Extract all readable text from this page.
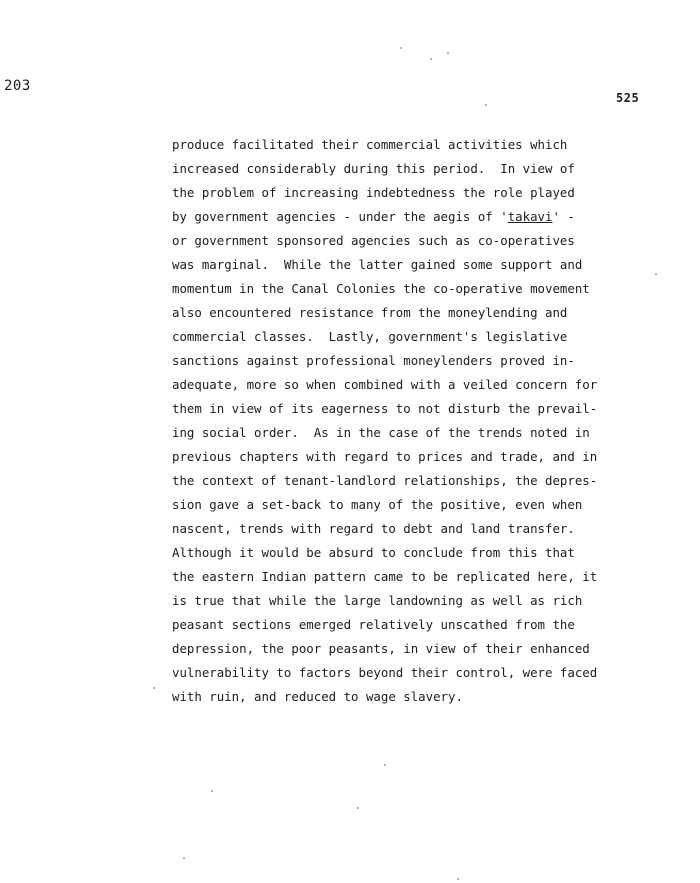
203
525
produce facilitated their commercial activities which
increased considerably during this period.  In view of
the problem of increasing indebtedness the role played
by government agencies - under the aegis of 'takavi' -
or government sponsored agencies such as co-operatives
was marginal.  While the latter gained some support and
momentum in the Canal Colonies the co-operative movement
also encountered resistance from the moneylending and
commercial classes.  Lastly, government's legislative
sanctions against professional moneylenders proved in-
adequate, more so when combined with a veiled concern for
them in view of its eagerness to not disturb the prevail-
ing social order.  As in the case of the trends noted in
previous chapters with regard to prices and trade, and in
the context of tenant-landlord relationships, the depres-
sion gave a set-back to many of the positive, even when
nascent, trends with regard to debt and land transfer.
Although it would be absurd to conclude from this that
the eastern Indian pattern came to be replicated here, it
is true that while the large landowning as well as rich
peasant sections emerged relatively unscathed from the
depression, the poor peasants, in view of their enhanced
vulnerability to factors beyond their control, were faced
with ruin, and reduced to wage slavery.
